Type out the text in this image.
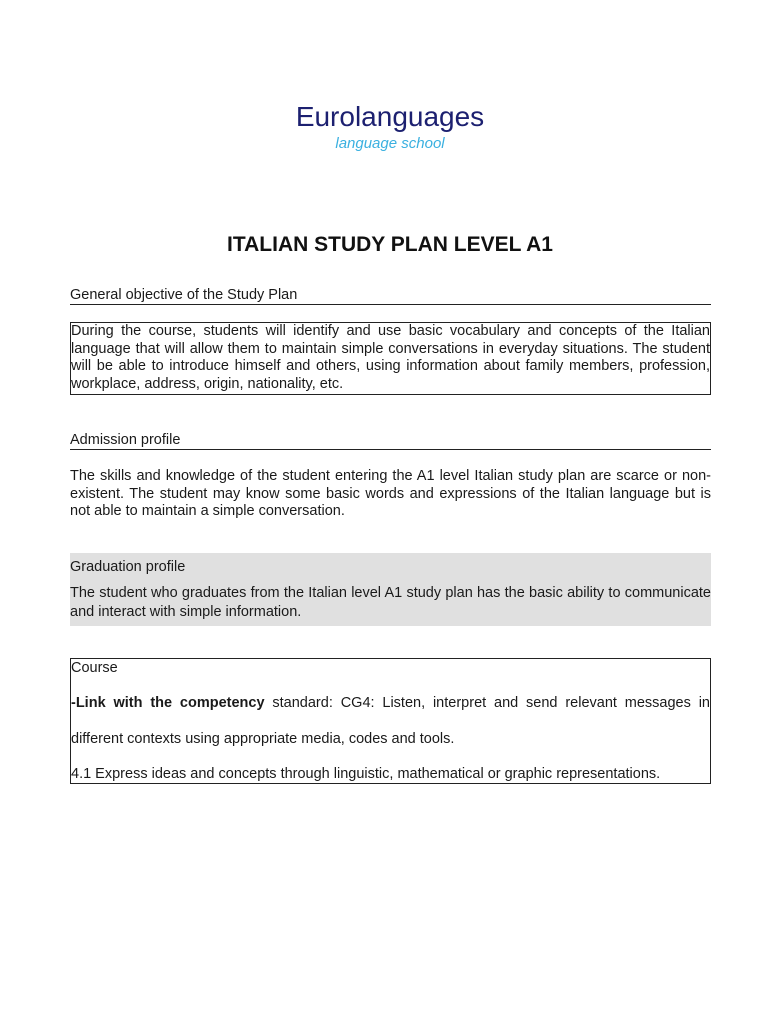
Eurolanguages
language school
ITALIAN STUDY PLAN LEVEL A1
General objective of the Study Plan
During the course, students will identify and use basic vocabulary and concepts of the Italian language that will allow them to maintain simple conversations in everyday situations. The student will be able to introduce himself and others, using information about family members, profession, workplace, address, origin, nationality, etc.
Admission profile
The skills and knowledge of the student entering the A1 level Italian study plan are scarce or non-existent. The student may know some basic words and expressions of the Italian language but is not able to maintain a simple conversation.
Graduation profile
The student who graduates from the Italian level A1 study plan has the basic ability to communicate and interact with simple information.
Course
-Link with the competency standard: CG4: Listen, interpret and send relevant messages in
different contexts using appropriate media, codes and tools.
4.1 Express ideas and concepts through linguistic, mathematical or graphic representations.
